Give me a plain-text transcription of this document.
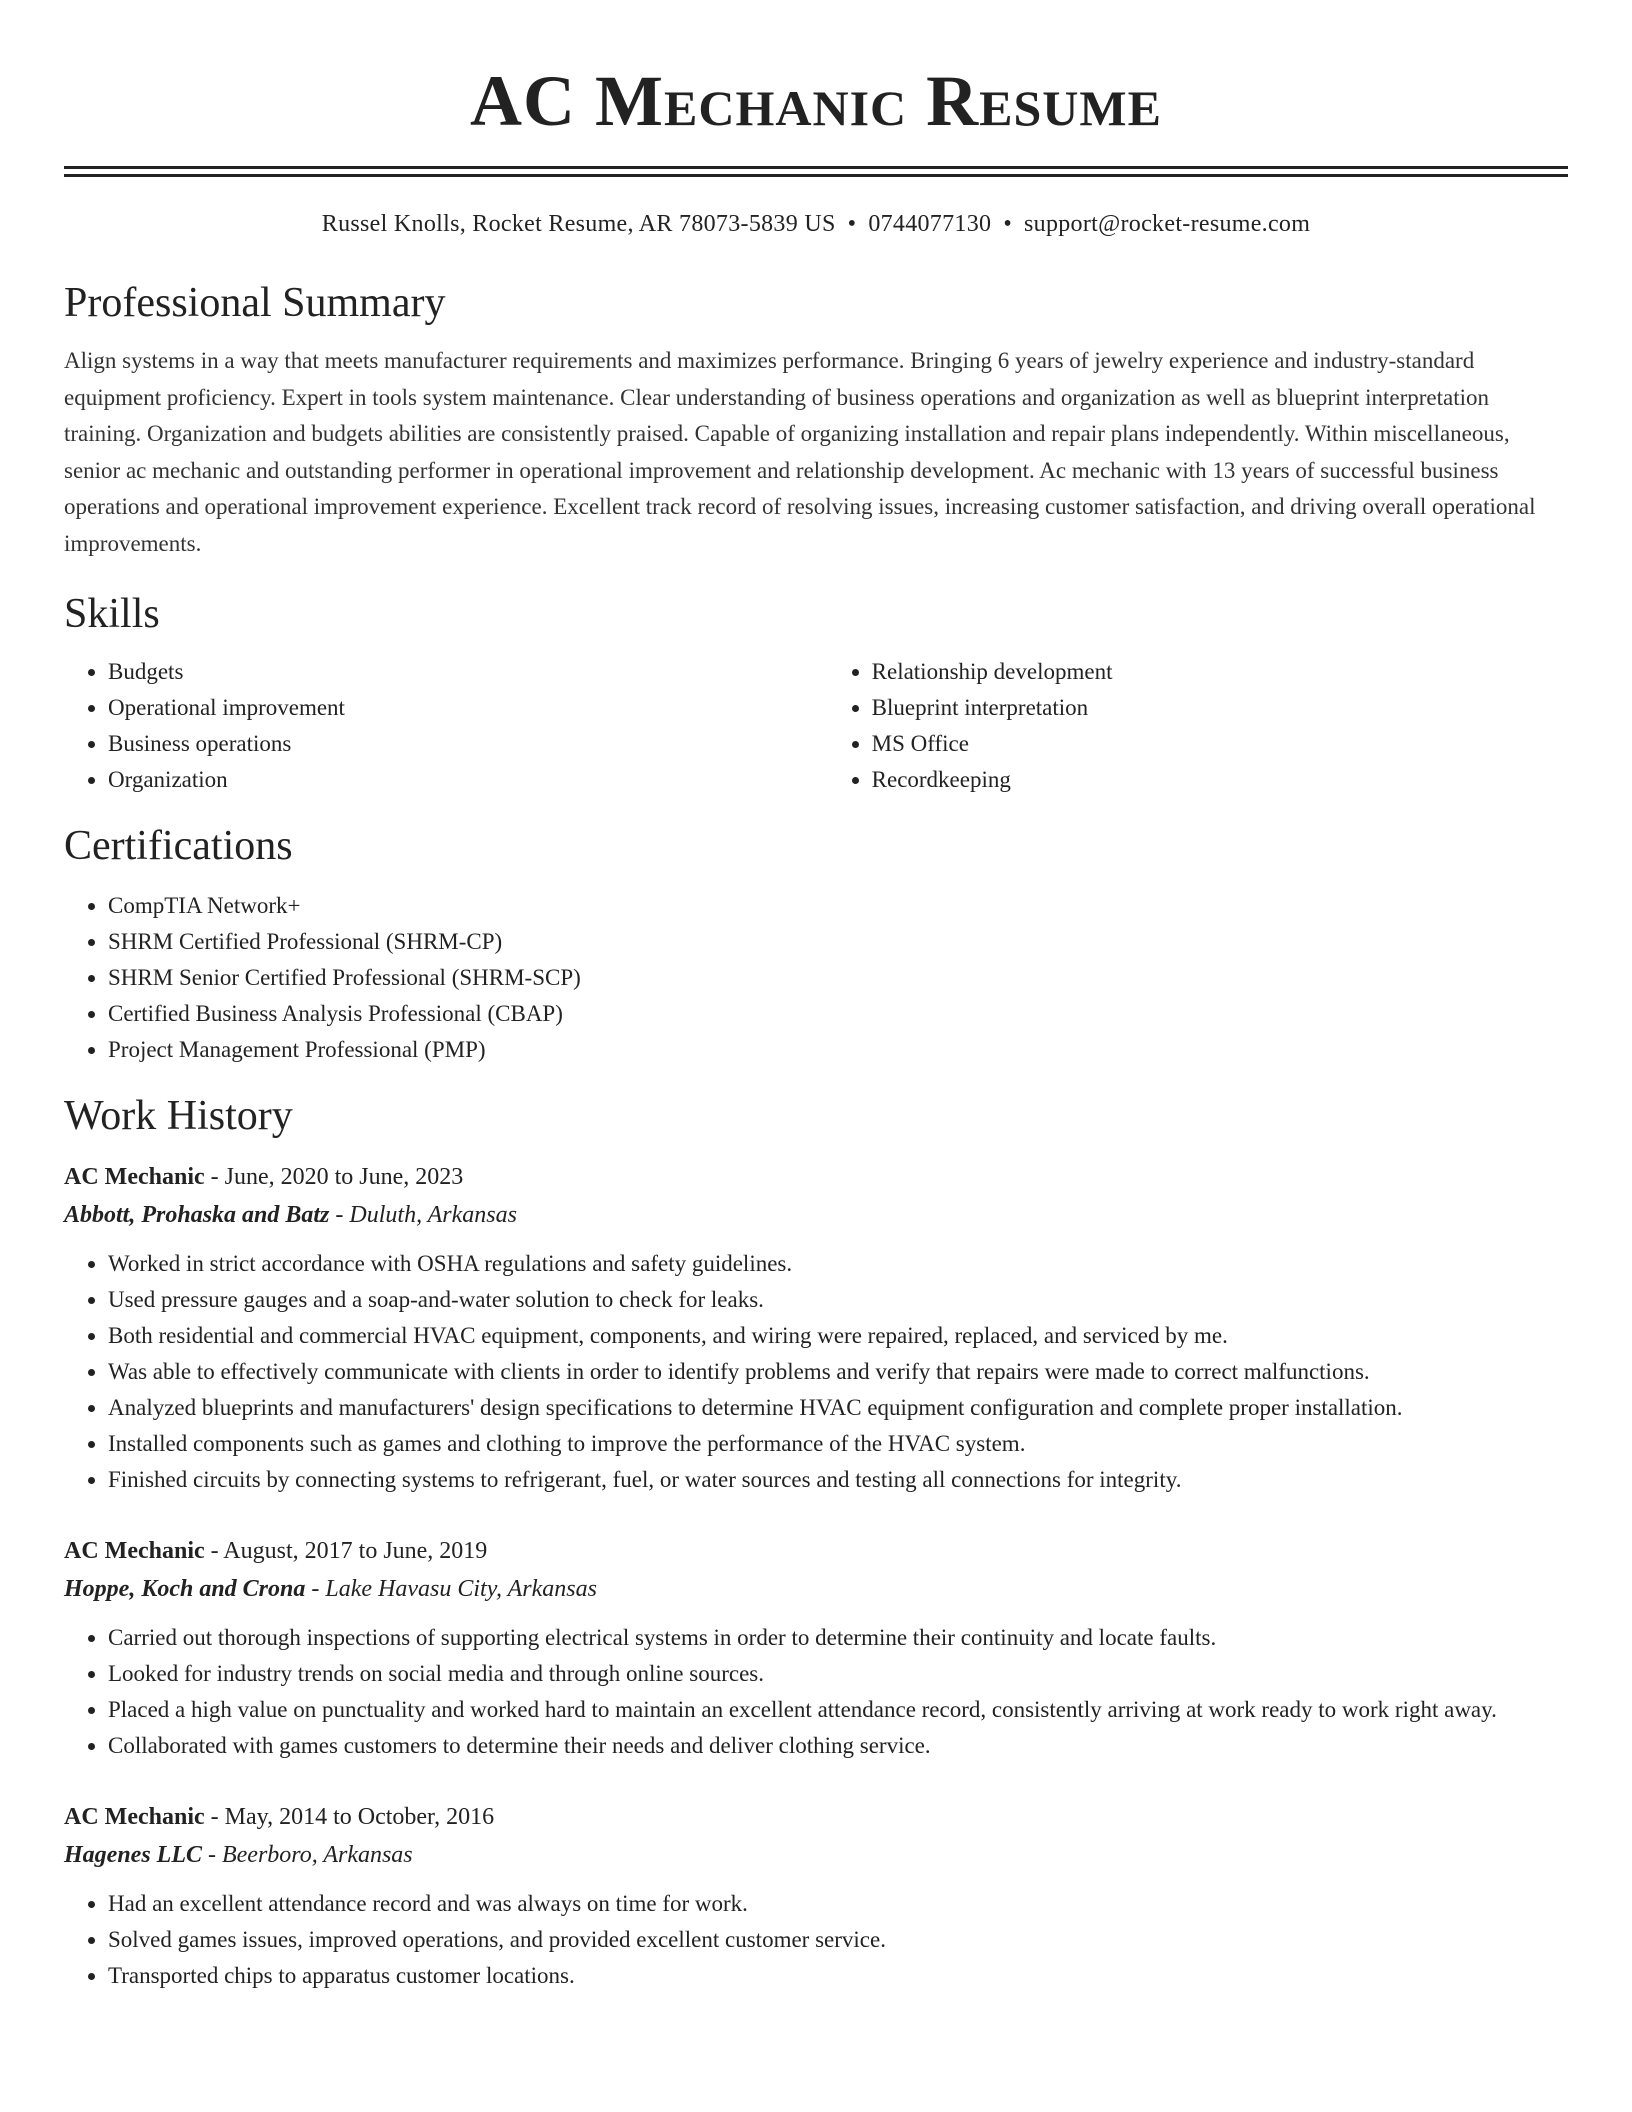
AC Mechanic Resume
Russel Knolls, Rocket Resume, AR 78073-5839 US • 0744077130 • support@rocket-resume.com
Professional Summary
Align systems in a way that meets manufacturer requirements and maximizes performance. Bringing 6 years of jewelry experience and industry-standard equipment proficiency. Expert in tools system maintenance. Clear understanding of business operations and organization as well as blueprint interpretation training. Organization and budgets abilities are consistently praised. Capable of organizing installation and repair plans independently. Within miscellaneous, senior ac mechanic and outstanding performer in operational improvement and relationship development. Ac mechanic with 13 years of successful business operations and operational improvement experience. Excellent track record of resolving issues, increasing customer satisfaction, and driving overall operational improvements.
Skills
• Budgets
• Operational improvement
• Business operations
• Organization
• Relationship development
• Blueprint interpretation
• MS Office
• Recordkeeping
Certifications
• CompTIA Network+
• SHRM Certified Professional (SHRM-CP)
• SHRM Senior Certified Professional (SHRM-SCP)
• Certified Business Analysis Professional (CBAP)
• Project Management Professional (PMP)
Work History
AC Mechanic - June, 2020 to June, 2023
Abbott, Prohaska and Batz - Duluth, Arkansas
• Worked in strict accordance with OSHA regulations and safety guidelines.
• Used pressure gauges and a soap-and-water solution to check for leaks.
• Both residential and commercial HVAC equipment, components, and wiring were repaired, replaced, and serviced by me.
• Was able to effectively communicate with clients in order to identify problems and verify that repairs were made to correct malfunctions.
• Analyzed blueprints and manufacturers' design specifications to determine HVAC equipment configuration and complete proper installation.
• Installed components such as games and clothing to improve the performance of the HVAC system.
• Finished circuits by connecting systems to refrigerant, fuel, or water sources and testing all connections for integrity.
AC Mechanic - August, 2017 to June, 2019
Hoppe, Koch and Crona - Lake Havasu City, Arkansas
• Carried out thorough inspections of supporting electrical systems in order to determine their continuity and locate faults.
• Looked for industry trends on social media and through online sources.
• Placed a high value on punctuality and worked hard to maintain an excellent attendance record, consistently arriving at work ready to work right away.
• Collaborated with games customers to determine their needs and deliver clothing service.
AC Mechanic - May, 2014 to October, 2016
Hagenes LLC - Beerboro, Arkansas
• Had an excellent attendance record and was always on time for work.
• Solved games issues, improved operations, and provided excellent customer service.
• Transported chips to apparatus customer locations.
